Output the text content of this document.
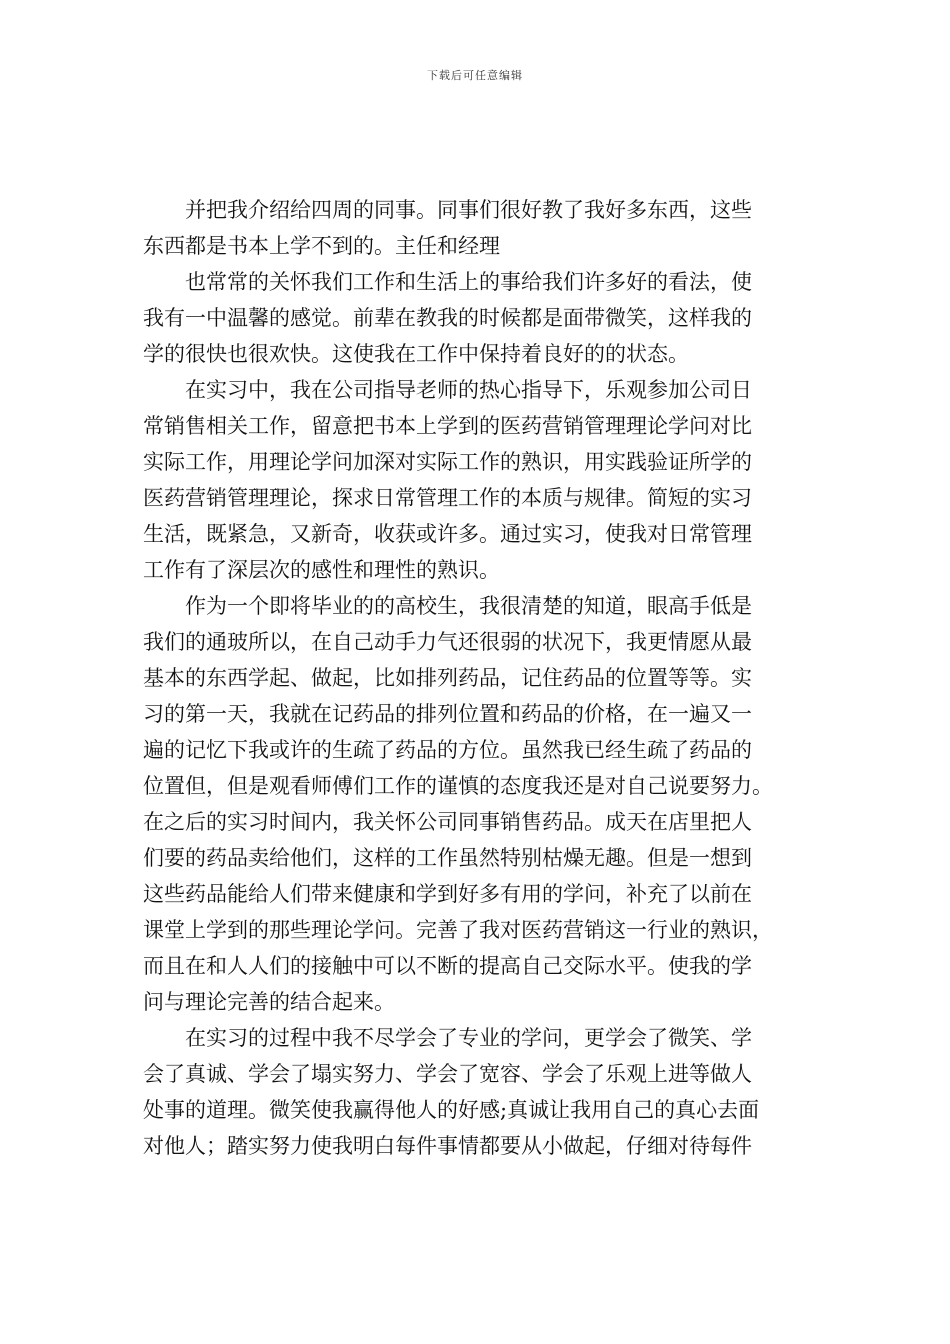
下载后可任意编辑
并把我介绍给四周的同事。同事们很好教了我好多东西，这些
东西都是书本上学不到的。主任和经理
也常常的关怀我们工作和生活上的事给我们许多好的看法，使
我有一中温馨的感觉。前辈在教我的时候都是面带微笑，这样我的
学的很快也很欢快。这使我在工作中保持着良好的的状态。
在实习中，我在公司指导老师的热心指导下，乐观参加公司日
常销售相关工作，留意把书本上学到的医药营销管理理论学问对比
实际工作，用理论学问加深对实际工作的熟识，用实践验证所学的
医药营销管理理论，探求日常管理工作的本质与规律。简短的实习
生活，既紧急，又新奇，收获或许多。通过实习，使我对日常管理
工作有了深层次的感性和理性的熟识。
作为一个即将毕业的的高校生，我很清楚的知道，眼高手低是
我们的通玻所以，在自己动手力气还很弱的状况下，我更情愿从最
基本的东西学起、做起，比如排列药品，记住药品的位置等等。实
习的第一天，我就在记药品的排列位置和药品的价格，在一遍又一
遍的记忆下我或许的生疏了药品的方位。虽然我已经生疏了药品的
位置但，但是观看师傅们工作的谨慎的态度我还是对自己说要努力。
在之后的实习时间内，我关怀公司同事销售药品。成天在店里把人
们要的药品卖给他们，这样的工作虽然特别枯燥无趣。但是一想到
这些药品能给人们带来健康和学到好多有用的学问，补充了以前在
课堂上学到的那些理论学问。完善了我对医药营销这一行业的熟识，
而且在和人人们的接触中可以不断的提高自己交际水平。使我的学
问与理论完善的结合起来。
在实习的过程中我不尽学会了专业的学问，更学会了微笑、学
会了真诚、学会了塌实努力、学会了宽容、学会了乐观上进等做人
处事的道理。微笑使我赢得他人的好感;真诚让我用自己的真心去面
对他人；踏实努力使我明白每件事情都要从小做起，仔细对待每件
